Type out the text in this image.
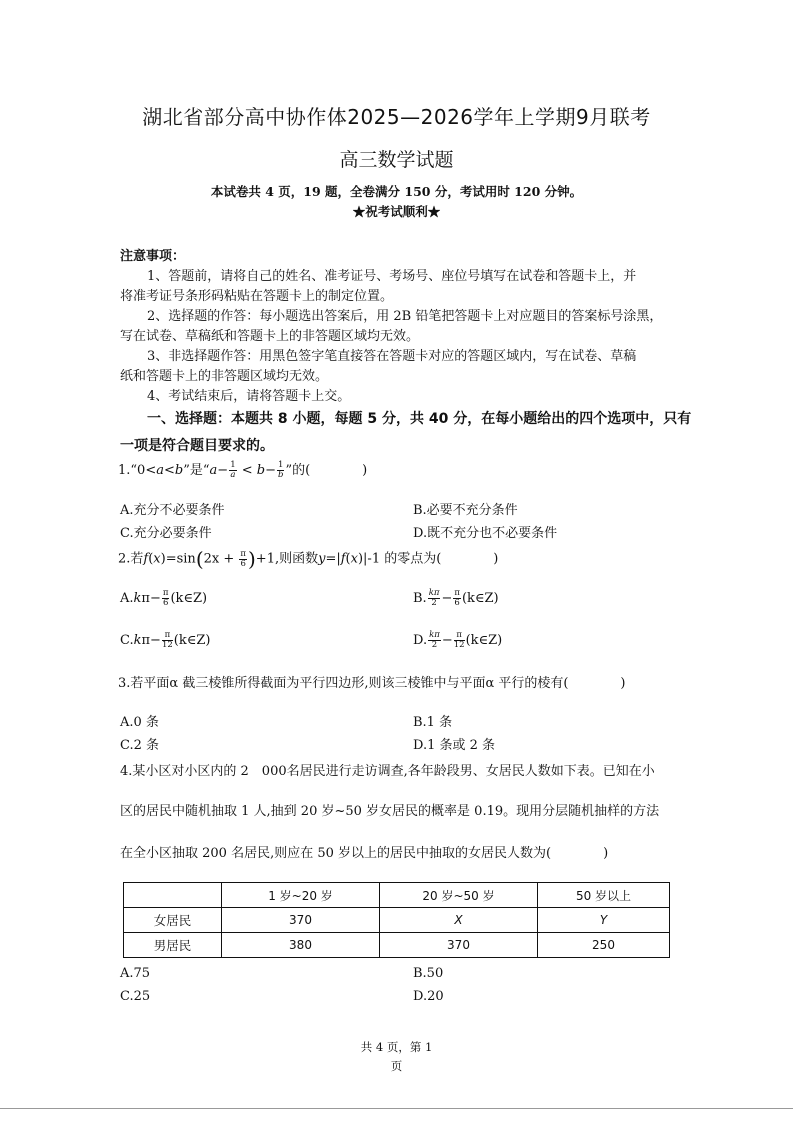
湖北省部分高中协作体2025—2026学年上学期9月联考
高三数学试题
本试卷共 4 页，19 题，全卷满分 150 分，考试用时 120 分钟。
★祝考试顺利★
注意事项：
1、答题前，请将自己的姓名、准考证号、考场号、座位号填写在试卷和答题卡上，并
将准考证号条形码粘贴在答题卡上的制定位置。
2、选择题的作答：每小题选出答案后，用 2B 铅笔把答题卡上对应题目的答案标号涂黑，
写在试卷、草稿纸和答题卡上的非答题区域均无效。
3、非选择题作答：用黑色签字笔直接答在答题卡对应的答题区域内，写在试卷、草稿
纸和答题卡上的非答题区域均无效。
4、考试结束后，请将答题卡上交。
一、选择题：本题共 8 小题，每题 5 分，共 40 分，在每小题给出的四个选项中，只有
一项是符合题目要求的。
1.“0<a<b”是“$a- \frac{1}{a} < b- \frac{1}{b}$ ”的(　　　　)
A.充分不必要条件	B.必要不充分条件
C.充分必要条件	D.既不充分也不必要条件
2.若$f(x)=\sin(2x + \frac{\pi}{6} )+1$,则函数y=|f(x)|-1 的零点为(　　　　)
$A.k\pi- \frac{\pi}{6}$ (k∈Z)	B. $\frac{k\pi}{2} - \frac{\pi}{6}$ (k∈Z)
$C.k\pi- \frac{\pi}{12}$ (k∈Z)	D. $\frac{k\pi}{2} - \frac{\pi}{12}$ (k∈Z)
3.若平面α 截三棱锥所得截面为平行四边形,则该三棱锥中与平面α 平行的棱有(　　　　)
A.0 条	B.1 条
C.2 条	D.1 条或 2 条
4.某小区对小区内的 2　000名居民进行走访调查,各年龄段男、女居民人数如下表。已知在小
区的居民中随机抽取 1 人,抽到 20 岁~50 岁女居民的概率是 0.19。现用分层随机抽样的方法
在全小区抽取 200 名居民,则应在 50 岁以上的居民中抽取的女居民人数为(　　　　)
	1 岁~20 岁	20 岁~50 岁	50 岁以上
女居民	370	X	Y
男居民	380	370	250
A.75	B.50
C.25	D.20
共 4 页，第 1
页
